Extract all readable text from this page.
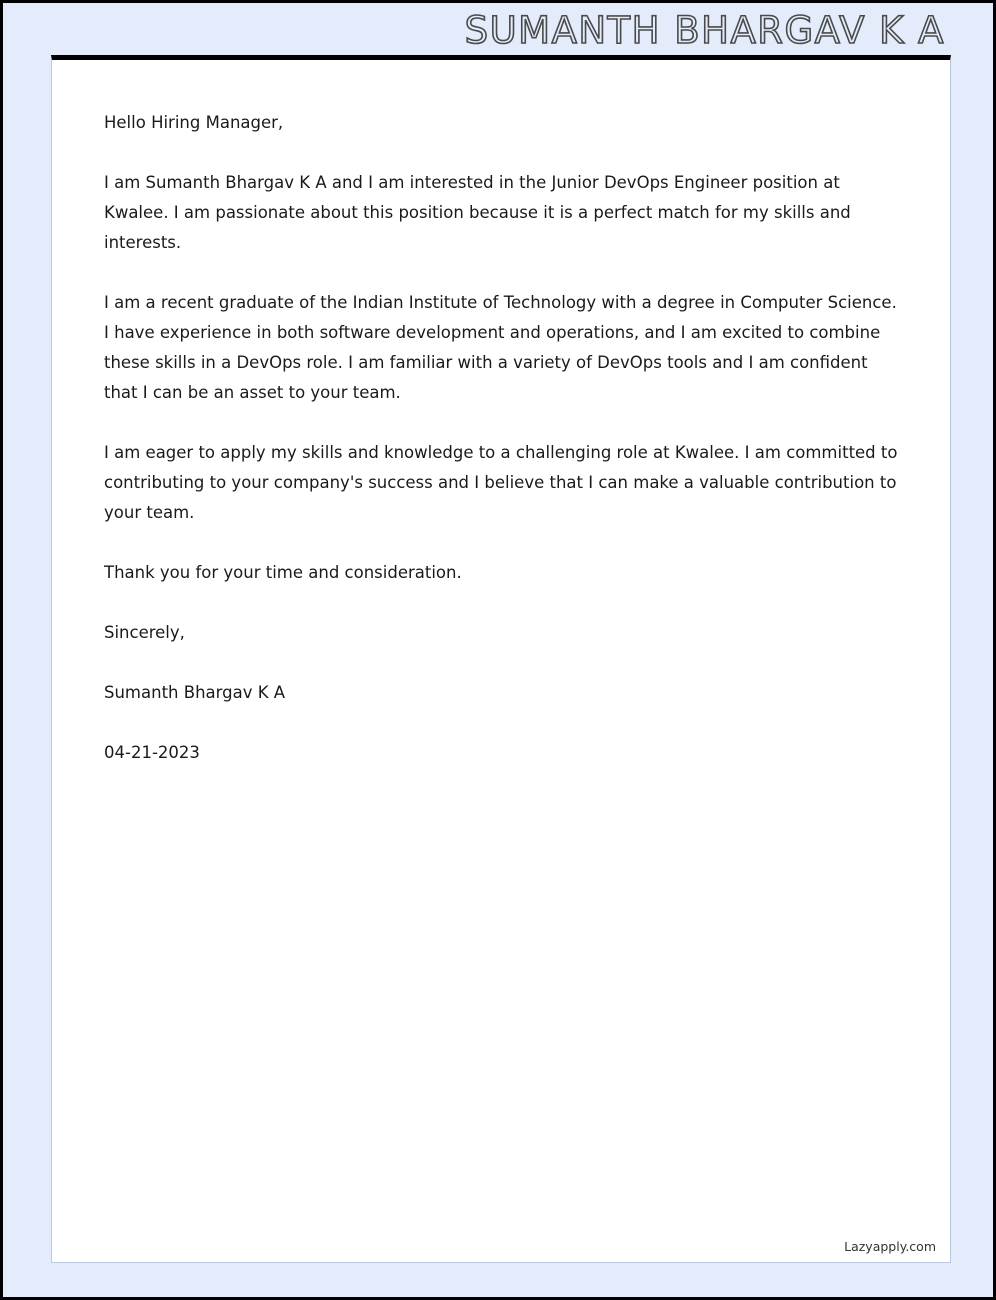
SUMANTH BHARGAV K A

Hello Hiring Manager,

I am Sumanth Bhargav K A and I am interested in the Junior DevOps Engineer position at Kwalee. I am passionate about this position because it is a perfect match for my skills and interests.

I am a recent graduate of the Indian Institute of Technology with a degree in Computer Science. I have experience in both software development and operations, and I am excited to combine these skills in a DevOps role. I am familiar with a variety of DevOps tools and I am confident that I can be an asset to your team.

I am eager to apply my skills and knowledge to a challenging role at Kwalee. I am committed to contributing to your company's success and I believe that I can make a valuable contribution to your team.

Thank you for your time and consideration.

Sincerely,

Sumanth Bhargav K A

04-21-2023

Lazyapply.com
